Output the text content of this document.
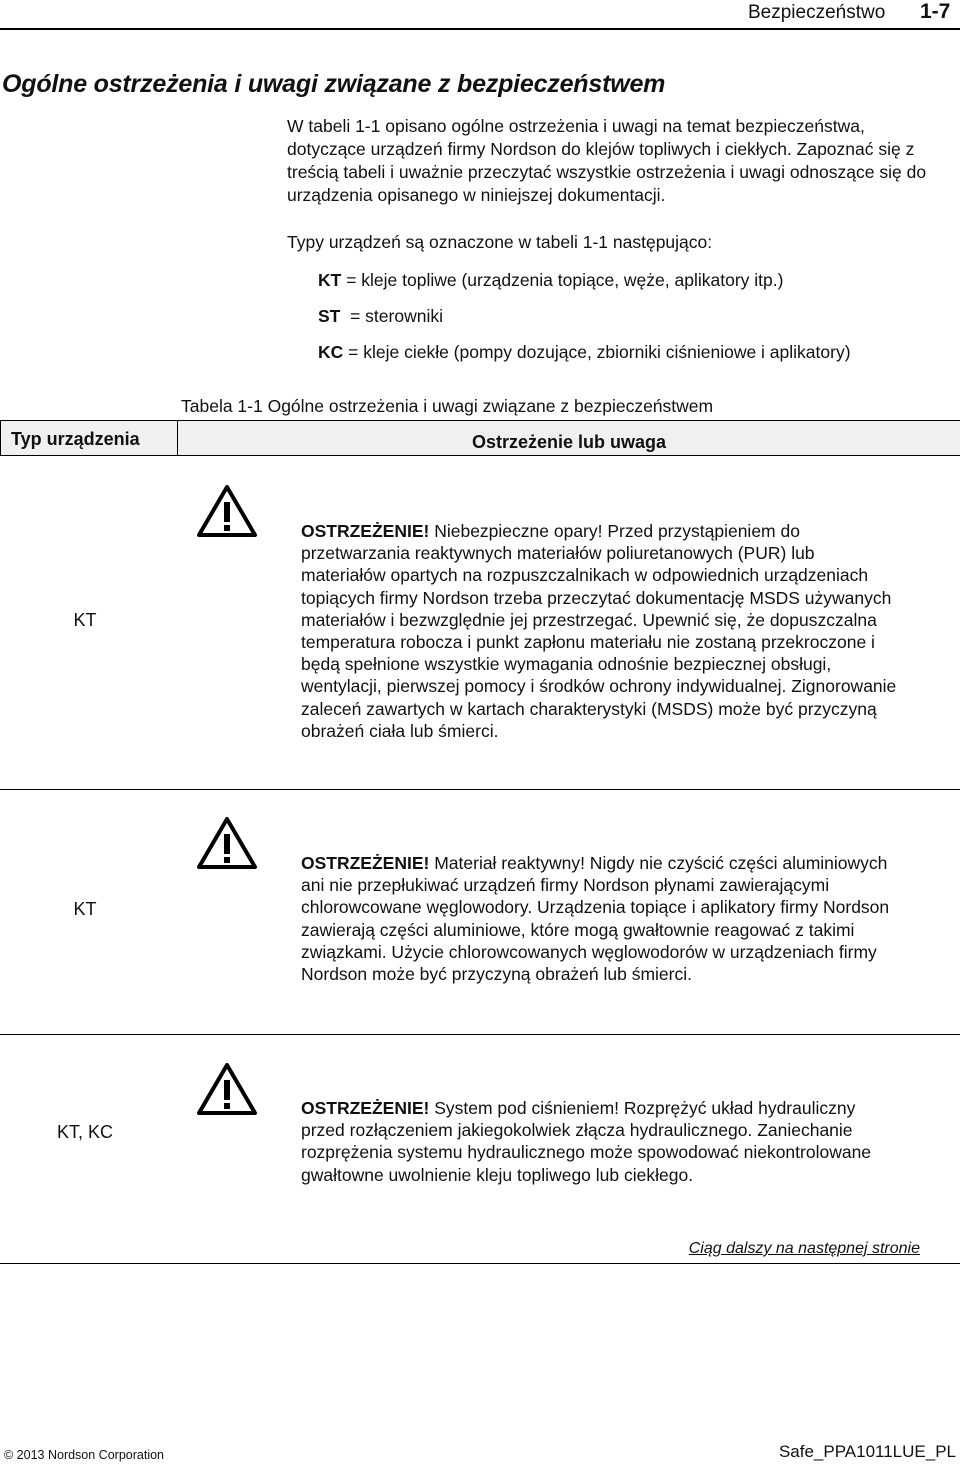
Bezpieczeństwo 1-7
Ogólne ostrzeżenia i uwagi związane z bezpieczeństwem

W tabeli 1-1 opisano ogólne ostrzeżenia i uwagi na temat bezpieczeństwa, dotyczące urządzeń firmy Nordson do klejów topliwych i ciekłych. Zapoznać się z treścią tabeli i uważnie przeczytać wszystkie ostrzeżenia i uwagi odnoszące się do urządzenia opisanego w niniejszej dokumentacji.

Typy urządzeń są oznaczone w tabeli 1-1 następująco:

KT = kleje topliwe (urządzenia topiące, węże, aplikatory itp.)
ST  = sterowniki
KC = kleje ciekłe (pompy dozujące, zbiorniki ciśnieniowe i aplikatory)
Tabela 1-1 Ogólne ostrzeżenia i uwagi związane z bezpieczeństwem
Typ urządzenia	Ostrzeżenie lub uwaga
KT

OSTRZEŻENIE! Niebezpieczne opary! Przed przystąpieniem do przetwarzania reaktywnych materiałów poliuretanowych (PUR) lub materiałów opartych na rozpuszczalnikach w odpowiednich urządzeniach topiących firmy Nordson trzeba przeczytać dokumentację MSDS używanych materiałów i bezwzględnie jej przestrzegać. Upewnić się, że dopuszczalna temperatura robocza i punkt zapłonu materiału nie zostaną przekroczone i będą spełnione wszystkie wymagania odnośnie bezpiecznej obsługi, wentylacji, pierwszej pomocy i środków ochrony indywidualnej. Zignorowanie zaleceń zawartych w kartach charakterystyki (MSDS) może być przyczyną obrażeń ciała lub śmierci.

KT

OSTRZEŻENIE! Materiał reaktywny! Nigdy nie czyścić części aluminiowych ani nie przepłukiwać urządzeń firmy Nordson płynami zawierającymi chlorowcowane węglowodory. Urządzenia topiące i aplikatory firmy Nordson zawierają części aluminiowe, które mogą gwałtownie reagować z takimi związkami. Użycie chlorowcowanych węglowodorów w urządzeniach firmy Nordson może być przyczyną obrażeń lub śmierci.

KT, KC

OSTRZEŻENIE! System pod ciśnieniem! Rozprężyć układ hydrauliczny przed rozłączeniem jakiegokolwiek złącza hydraulicznego. Zaniechanie rozprężenia systemu hydraulicznego może spowodować niekontrolowane gwałtowne uwolnienie kleju topliwego lub ciekłego.

Ciąg dalszy na następnej stronie
© 2013 Nordson Corporation	Safe_PPA1011LUE_PL
